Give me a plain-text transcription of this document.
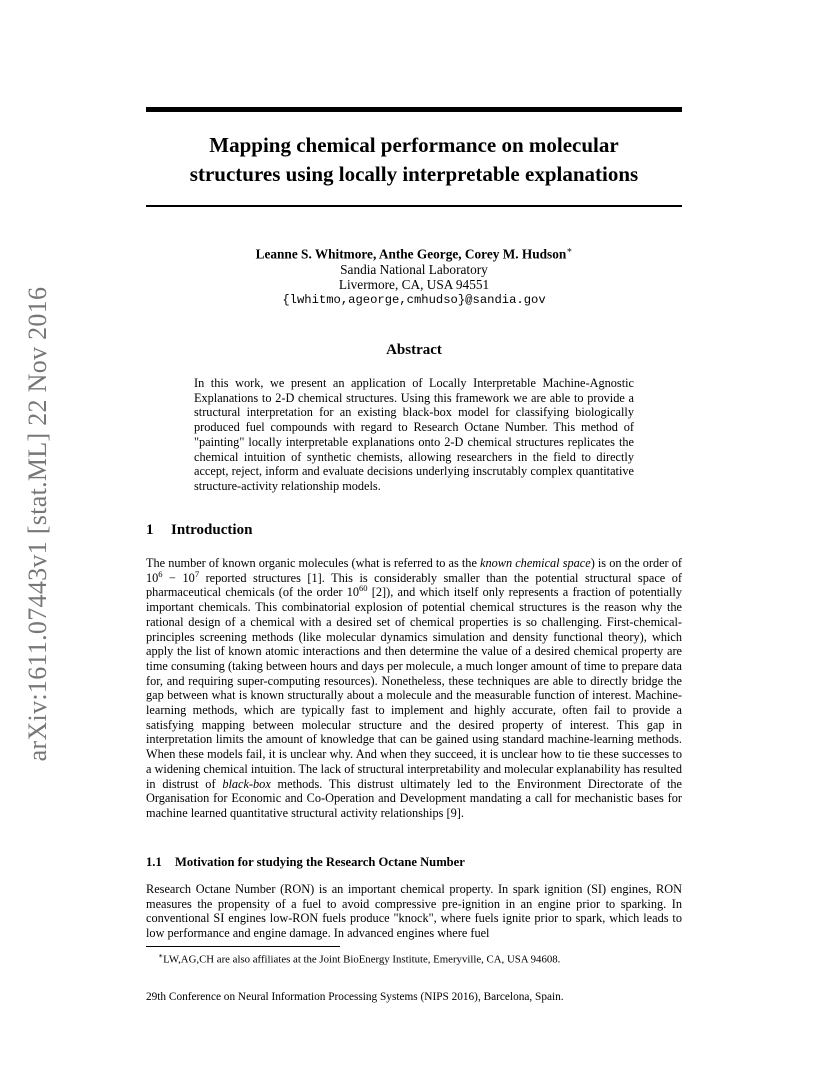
arXiv:1611.07443v1 [stat.ML] 22 Nov 2016
Mapping chemical performance on molecular
structures using locally interpretable explanations
Leanne S. Whitmore, Anthe George, Corey M. Hudson∗
Sandia National Laboratory
Livermore, CA, USA 94551
{lwhitmo,ageorge,cmhudso}@sandia.gov
Abstract

In this work, we present an application of Locally Interpretable Machine-Agnostic Explanations to 2-D chemical structures. Using this framework we are able to provide a structural interpretation for an existing black-box model for classifying biologically produced fuel compounds with regard to Research Octane Number. This method of "painting" locally interpretable explanations onto 2-D chemical structures replicates the chemical intuition of synthetic chemists, allowing researchers in the field to directly accept, reject, inform and evaluate decisions underlying inscrutably complex quantitative structure-activity relationship models.

1 Introduction

The number of known organic molecules (what is referred to as the known chemical space) is on the order of $10^6 - 10^7$ reported structures [1]. This is considerably smaller than the potential structural space of pharmaceutical chemicals (of the order $10^{60}$ [2]), and which itself only represents a fraction of potentially important chemicals. This combinatorial explosion of potential chemical structures is the reason why the rational design of a chemical with a desired set of chemical properties is so challenging. First-chemical-principles screening methods (like molecular dynamics simulation and density functional theory), which apply the list of known atomic interactions and then determine the value of a desired chemical property are time consuming (taking between hours and days per molecule, a much longer amount of time to prepare data for, and requiring super-computing resources). Nonetheless, these techniques are able to directly bridge the gap between what is known structurally about a molecule and the measurable function of interest. Machine-learning methods, which are typically fast to implement and highly accurate, often fail to provide a satisfying mapping between molecular structure and the desired property of interest. This gap in interpretation limits the amount of knowledge that can be gained using standard machine-learning methods. When these models fail, it is unclear why. And when they succeed, it is unclear how to tie these successes to a widening chemical intuition. The lack of structural interpretability and molecular explanability has resulted in distrust of black-box methods. This distrust ultimately led to the Environment Directorate of the Organisation for Economic and Co-Operation and Development mandating a call for mechanistic bases for machine learned quantitative structural activity relationships [9].

1.1 Motivation for studying the Research Octane Number

Research Octane Number (RON) is an important chemical property. In spark ignition (SI) engines, RON measures the propensity of a fuel to avoid compressive pre-ignition in an engine prior to sparking. In conventional SI engines low-RON fuels produce "knock", where fuels ignite prior to spark, which leads to low performance and engine damage. In advanced engines where fuel

∗LW,AG,CH are also affiliates at the Joint BioEnergy Institute, Emeryville, CA, USA 94608.
29th Conference on Neural Information Processing Systems (NIPS 2016), Barcelona, Spain.
